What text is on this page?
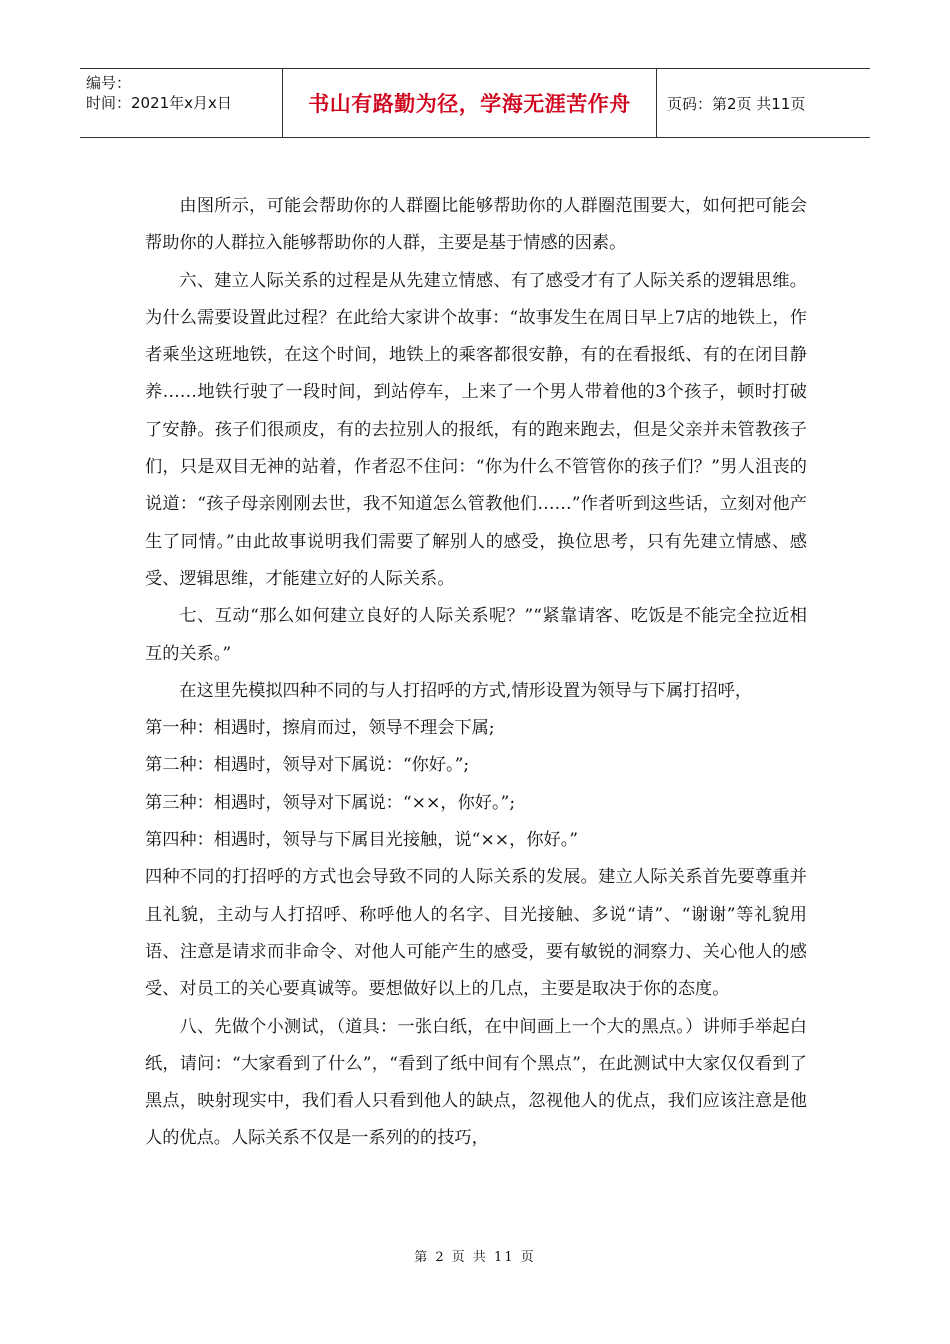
编号：
时间：2021年x月x日	书山有路勤为径，学海无涯苦作舟	页码：第2页 共11页

由图所示，可能会帮助你的人群圈比能够帮助你的人群圈范围要大，如何把可能会帮助你的人群拉入能够帮助你的人群，主要是基于情感的因素。

六、建立人际关系的过程是从先建立情感、有了感受才有了人际关系的逻辑思维。为什么需要设置此过程？在此给大家讲个故事：“故事发生在周日早上7店的地铁上，作者乘坐这班地铁，在这个时间，地铁上的乘客都很安静，有的在看报纸、有的在闭目静养……地铁行驶了一段时间，到站停车，上来了一个男人带着他的3个孩子，顿时打破了安静。孩子们很顽皮，有的去拉别人的报纸，有的跑来跑去，但是父亲并未管教孩子们，只是双目无神的站着，作者忍不住问：“你为什么不管管你的孩子们？”男人沮丧的说道：“孩子母亲刚刚去世，我不知道怎么管教他们……”作者听到这些话，立刻对他产生了同情。”由此故事说明我们需要了解别人的感受，换位思考，只有先建立情感、感受、逻辑思维，才能建立好的人际关系。

七、互动“那么如何建立良好的人际关系呢？”“紧靠请客、吃饭是不能完全拉近相互的关系。”

在这里先模拟四种不同的与人打招呼的方式,情形设置为领导与下属打招呼，

第一种：相遇时，擦肩而过，领导不理会下属;

第二种：相遇时，领导对下属说：“你好。”;

第三种：相遇时，领导对下属说：“××，你好。”;

第四种：相遇时，领导与下属目光接触，说“××，你好。”

四种不同的打招呼的方式也会导致不同的人际关系的发展。建立人际关系首先要尊重并且礼貌，主动与人打招呼、称呼他人的名字、目光接触、多说“请”、“谢谢”等礼貌用语、注意是请求而非命令、对他人可能产生的感受，要有敏锐的洞察力、关心他人的感受、对员工的关心要真诚等。要想做好以上的几点，主要是取决于你的态度。

八、先做个小测试，（道具：一张白纸，在中间画上一个大的黑点。）讲师手举起白纸，请问：“大家看到了什么”，“看到了纸中间有个黑点”，在此测试中大家仅仅看到了黑点，映射现实中，我们看人只看到他人的缺点，忽视他人的优点，我们应该注意是他人的优点。人际关系不仅是一系列的的技巧，

第 2 页 共 11 页
